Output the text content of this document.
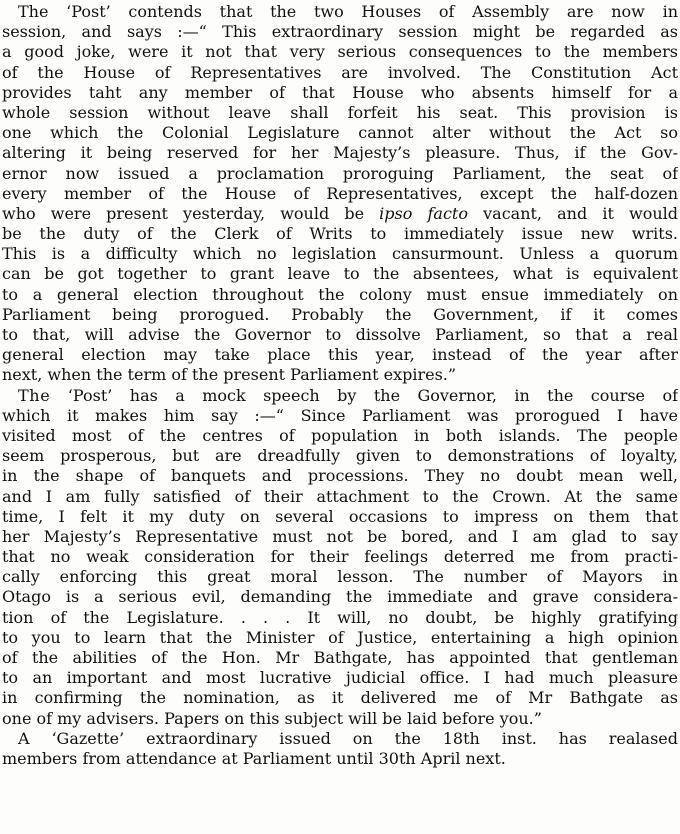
The ‘Post’ contends that the two Houses of Assembly are now in
session, and says :—“ This extraordinary session might be regarded as
a good joke, were it not that very serious consequences to the members
of the House of Representatives are involved. The Constitution Act
provides taht any member of that House who absents himself for a
whole session without leave shall forfeit his seat. This provision is
one which the Colonial Legislature cannot alter without the Act so
altering it being reserved for her Majesty’s pleasure. Thus, if the Gov-
ernor now issued a proclamation proroguing Parliament, the seat of
every member of the House of Representatives, except the half-dozen
who were present yesterday, would be ipso facto vacant, and it would
be the duty of the Clerk of Writs to immediately issue new writs.
This is a difficulty which no legislation cansurmount. Unless a quorum
can be got together to grant leave to the absentees, what is equivalent
to a general election throughout the colony must ensue immediately on
Parliament being prorogued. Probably the Government, if it comes
to that, will advise the Governor to dissolve Parliament, so that a real
general election may take place this year, instead of the year after
next, when the term of the present Parliament expires.”
The ‘Post’ has a mock speech by the Governor, in the course of
which it makes him say :—“ Since Parliament was prorogued I have
visited most of the centres of population in both islands. The people
seem prosperous, but are dreadfully given to demonstrations of loyalty,
in the shape of banquets and processions. They no doubt mean well,
and I am fully satisfied of their attachment to the Crown. At the same
time, I felt it my duty on several occasions to impress on them that
her Majesty’s Representative must not be bored, and I am glad to say
that no weak consideration for their feelings deterred me from practi-
cally enforcing this great moral lesson. The number of Mayors in
Otago is a serious evil, demanding the immediate and grave considera-
tion of the Legislature. . . . It will, no doubt, be highly gratifying
to you to learn that the Minister of Justice, entertaining a high opinion
of the abilities of the Hon. Mr Bathgate, has appointed that gentleman
to an important and most lucrative judicial office. I had much pleasure
in confirming the nomination, as it delivered me of Mr Bathgate as
one of my advisers. Papers on this subject will be laid before you.”
A ‘Gazette’ extraordinary issued on the 18th inst. has realased
members from attendance at Parliament until 30th April next.
